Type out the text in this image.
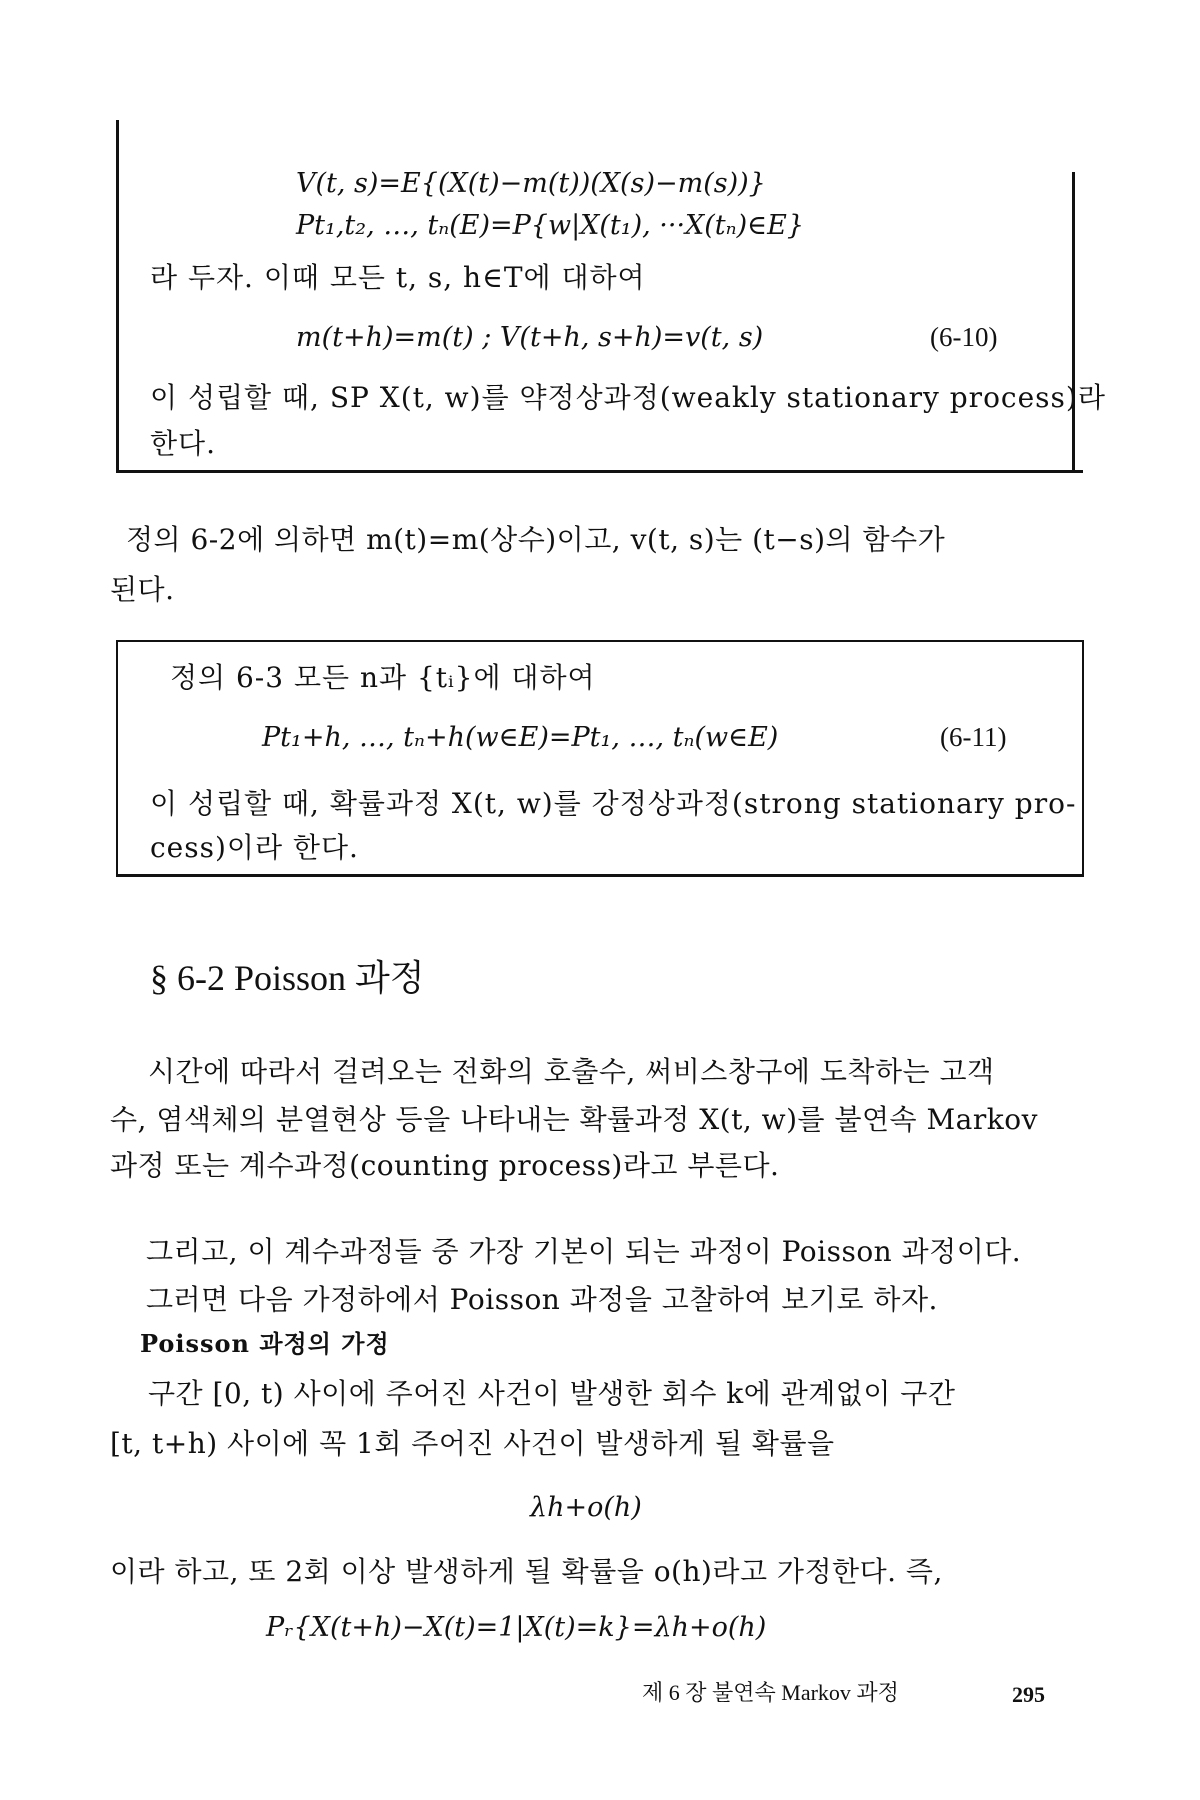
V(t, s)=E{(X(t)−m(t))(X(s)−m(s))}
Pt₁,t₂, …, tₙ(E)=P{w|X(t₁), ···X(tₙ)∈E}
라 두자. 이때 모든 t, s, h∈T에 대하여
m(t+h)=m(t) ; V(t+h, s+h)=v(t, s)	(6-10)
이 성립할 때, SP X(t, w)를 약정상과정(weakly stationary process)라
한다.
정의 6-2에 의하면 m(t)=m(상수)이고, v(t, s)는 (t−s)의 함수가
된다.
정의 6-3 모든 n과 {tᵢ}에 대하여
Pt₁+h, …, tₙ+h(w∈E)=Pt₁, …, tₙ(w∈E)	(6-11)
이 성립할 때, 확률과정 X(t, w)를 강정상과정(strong stationary pro-
cess)이라 한다.
§ 6-2 Poisson 과정
시간에 따라서 걸려오는 전화의 호출수, 써비스창구에 도착하는 고객
수, 염색체의 분열현상 등을 나타내는 확률과정 X(t, w)를 불연속 Markov
과정 또는 계수과정(counting process)라고 부른다.
그리고, 이 계수과정들 중 가장 기본이 되는 과정이 Poisson 과정이다.
그러면 다음 가정하에서 Poisson 과정을 고찰하여 보기로 하자.
Poisson 과정의 가정
구간 [0, t) 사이에 주어진 사건이 발생한 회수 k에 관계없이 구간
[t, t+h) 사이에 꼭 1회 주어진 사건이 발생하게 될 확률을
λh+o(h)
이라 하고, 또 2회 이상 발생하게 될 확률을 o(h)라고 가정한다. 즉,
Pᵣ{X(t+h)−X(t)=1|X(t)=k}=λh+o(h)
제 6 장 불연속 Markov 과정	295
